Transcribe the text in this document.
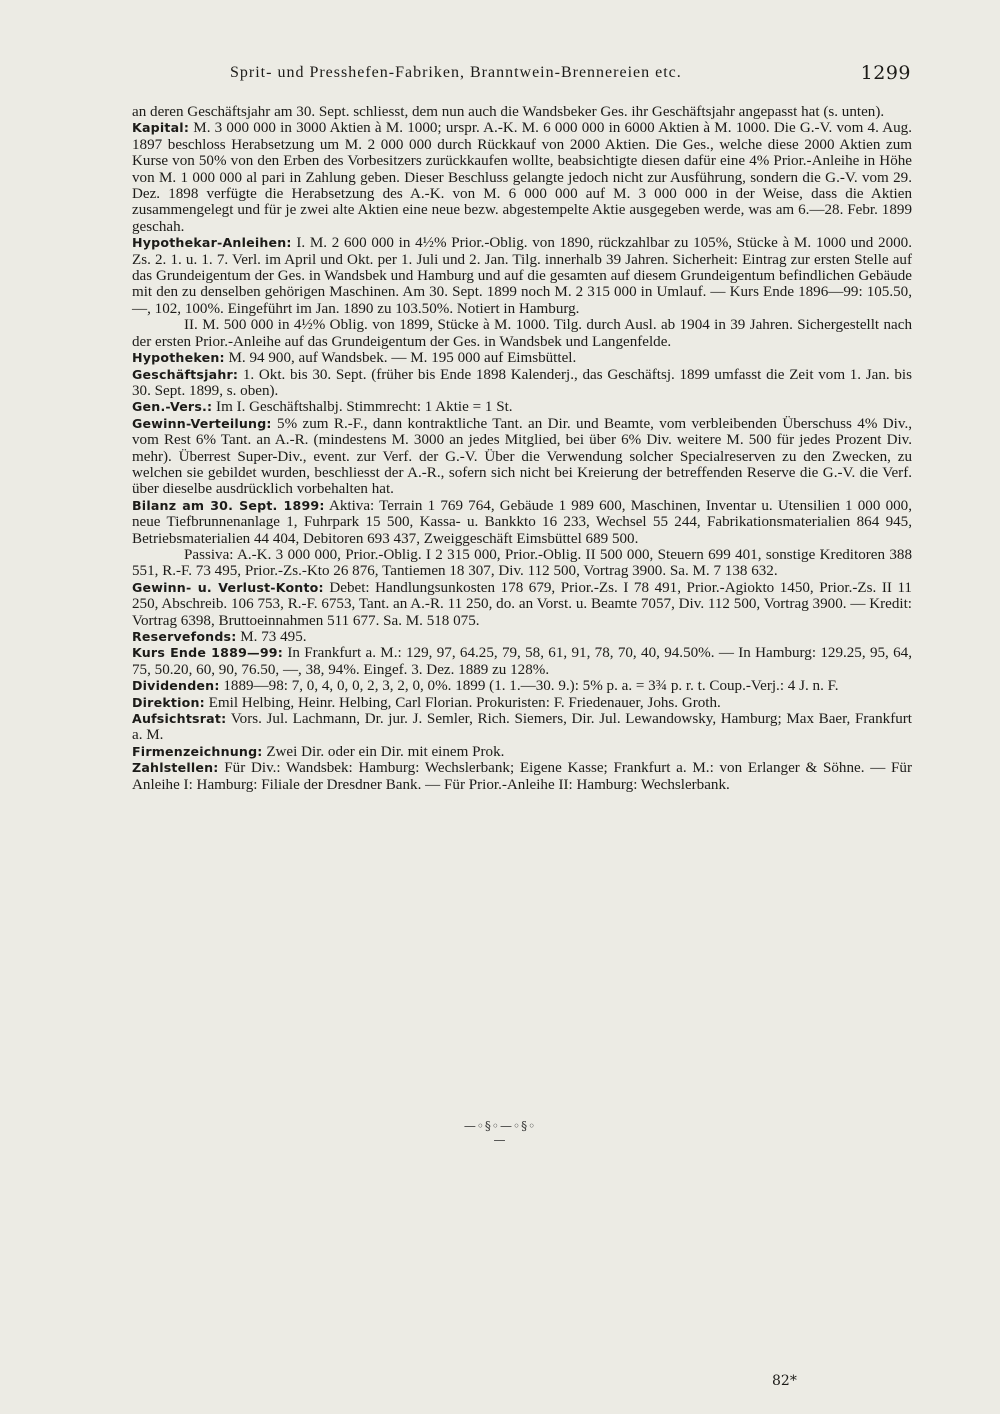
Sprit- und Presshefen-Fabriken, Branntwein-Brennereien etc.	1299

an deren Geschäftsjahr am 30. Sept. schliesst, dem nun auch die Wandsbeker Ges. ihr Geschäftsjahr angepasst hat (s. unten).

Kapital: M. 3 000 000 in 3000 Aktien à M. 1000; urspr. A.-K. M. 6 000 000 in 6000 Aktien à M. 1000. Die G.-V. vom 4. Aug. 1897 beschloss Herabsetzung um M. 2 000 000 durch Rückkauf von 2000 Aktien. Die Ges., welche diese 2000 Aktien zum Kurse von 50% von den Erben des Vorbesitzers zurückkaufen wollte, beabsichtigte diesen dafür eine 4% Prior.-Anleihe in Höhe von M. 1 000 000 al pari in Zahlung geben. Dieser Beschluss gelangte jedoch nicht zur Ausführung, sondern die G.-V. vom 29. Dez. 1898 verfügte die Herabsetzung des A.-K. von M. 6 000 000 auf M. 3 000 000 in der Weise, dass die Aktien zusammengelegt und für je zwei alte Aktien eine neue bezw. abgestempelte Aktie ausgegeben werde, was am 6.—28. Febr. 1899 geschah.

Hypothekar-Anleihen: I. M. 2 600 000 in 4½% Prior.-Oblig. von 1890, rückzahlbar zu 105%, Stücke à M. 1000 und 2000. Zs. 2. 1. u. 1. 7. Verl. im April und Okt. per 1. Juli und 2. Jan. Tilg. innerhalb 39 Jahren. Sicherheit: Eintrag zur ersten Stelle auf das Grundeigentum der Ges. in Wandsbek und Hamburg und auf die gesamten auf diesem Grundeigentum befindlichen Gebäude mit den zu denselben gehörigen Maschinen. Am 30. Sept. 1899 noch M. 2 315 000 in Umlauf. — Kurs Ende 1896—99: 105.50, —, 102, 100%. Eingeführt im Jan. 1890 zu 103.50%. Notiert in Hamburg.

II. M. 500 000 in 4½% Oblig. von 1899, Stücke à M. 1000. Tilg. durch Ausl. ab 1904 in 39 Jahren. Sichergestellt nach der ersten Prior.-Anleihe auf das Grundeigentum der Ges. in Wandsbek und Langenfelde.

Hypotheken: M. 94 900, auf Wandsbek. — M. 195 000 auf Eimsbüttel.

Geschäftsjahr: 1. Okt. bis 30. Sept. (früher bis Ende 1898 Kalenderj., das Geschäftsj. 1899 umfasst die Zeit vom 1. Jan. bis 30. Sept. 1899, s. oben).

Gen.-Vers.: Im I. Geschäftshalbj. Stimmrecht: 1 Aktie = 1 St.

Gewinn-Verteilung: 5% zum R.-F., dann kontraktliche Tant. an Dir. und Beamte, vom verbleibenden Überschuss 4% Div., vom Rest 6% Tant. an A.-R. (mindestens M. 3000 an jedes Mitglied, bei über 6% Div. weitere M. 500 für jedes Prozent Div. mehr). Überrest Super-Div., event. zur Verf. der G.-V. Über die Verwendung solcher Specialreserven zu den Zwecken, zu welchen sie gebildet wurden, beschliesst der A.-R., sofern sich nicht bei Kreierung der betreffenden Reserve die G.-V. die Verf. über dieselbe ausdrücklich vorbehalten hat.

Bilanz am 30. Sept. 1899: Aktiva: Terrain 1 769 764, Gebäude 1 989 600, Maschinen, Inventar u. Utensilien 1 000 000, neue Tiefbrunnenanlage 1, Fuhrpark 15 500, Kassa- u. Bankkto 16 233, Wechsel 55 244, Fabrikationsmaterialien 864 945, Betriebsmaterialien 44 404, Debitoren 693 437, Zweiggeschäft Eimsbüttel 689 500.

Passiva: A.-K. 3 000 000, Prior.-Oblig. I 2 315 000, Prior.-Oblig. II 500 000, Steuern 699 401, sonstige Kreditoren 388 551, R.-F. 73 495, Prior.-Zs.-Kto 26 876, Tantiemen 18 307, Div. 112 500, Vortrag 3900. Sa. M. 7 138 632.

Gewinn- u. Verlust-Konto: Debet: Handlungsunkosten 178 679, Prior.-Zs. I 78 491, Prior.-Agiokto 1450, Prior.-Zs. II 11 250, Abschreib. 106 753, R.-F. 6753, Tant. an A.-R. 11 250, do. an Vorst. u. Beamte 7057, Div. 112 500, Vortrag 3900. — Kredit: Vortrag 6398, Bruttoeinnahmen 511 677. Sa. M. 518 075.

Reservefonds: M. 73 495.

Kurs Ende 1889—99: In Frankfurt a. M.: 129, 97, 64.25, 79, 58, 61, 91, 78, 70, 40, 94.50%. — In Hamburg: 129.25, 95, 64, 75, 50.20, 60, 90, 76.50, —, 38, 94%. Eingef. 3. Dez. 1889 zu 128%.

Dividenden: 1889—98: 7, 0, 4, 0, 0, 2, 3, 2, 0, 0%. 1899 (1. 1.—30. 9.): 5% p. a. = 3¾ p. r. t. Coup.-Verj.: 4 J. n. F.

Direktion: Emil Helbing, Heinr. Helbing, Carl Florian. Prokuristen: F. Friedenauer, Johs. Groth.

Aufsichtsrat: Vors. Jul. Lachmann, Dr. jur. J. Semler, Rich. Siemers, Dir. Jul. Lewandowsky, Hamburg; Max Baer, Frankfurt a. M.

Firmenzeichnung: Zwei Dir. oder ein Dir. mit einem Prok.

Zahlstellen: Für Div.: Wandsbek: Hamburg: Wechslerbank; Eigene Kasse; Frankfurt a. M.: von Erlanger & Söhne. — Für Anleihe I: Hamburg: Filiale der Dresdner Bank. — Für Prior.-Anleihe II: Hamburg: Wechslerbank.

—◦§◦—◦§◦—
82*
